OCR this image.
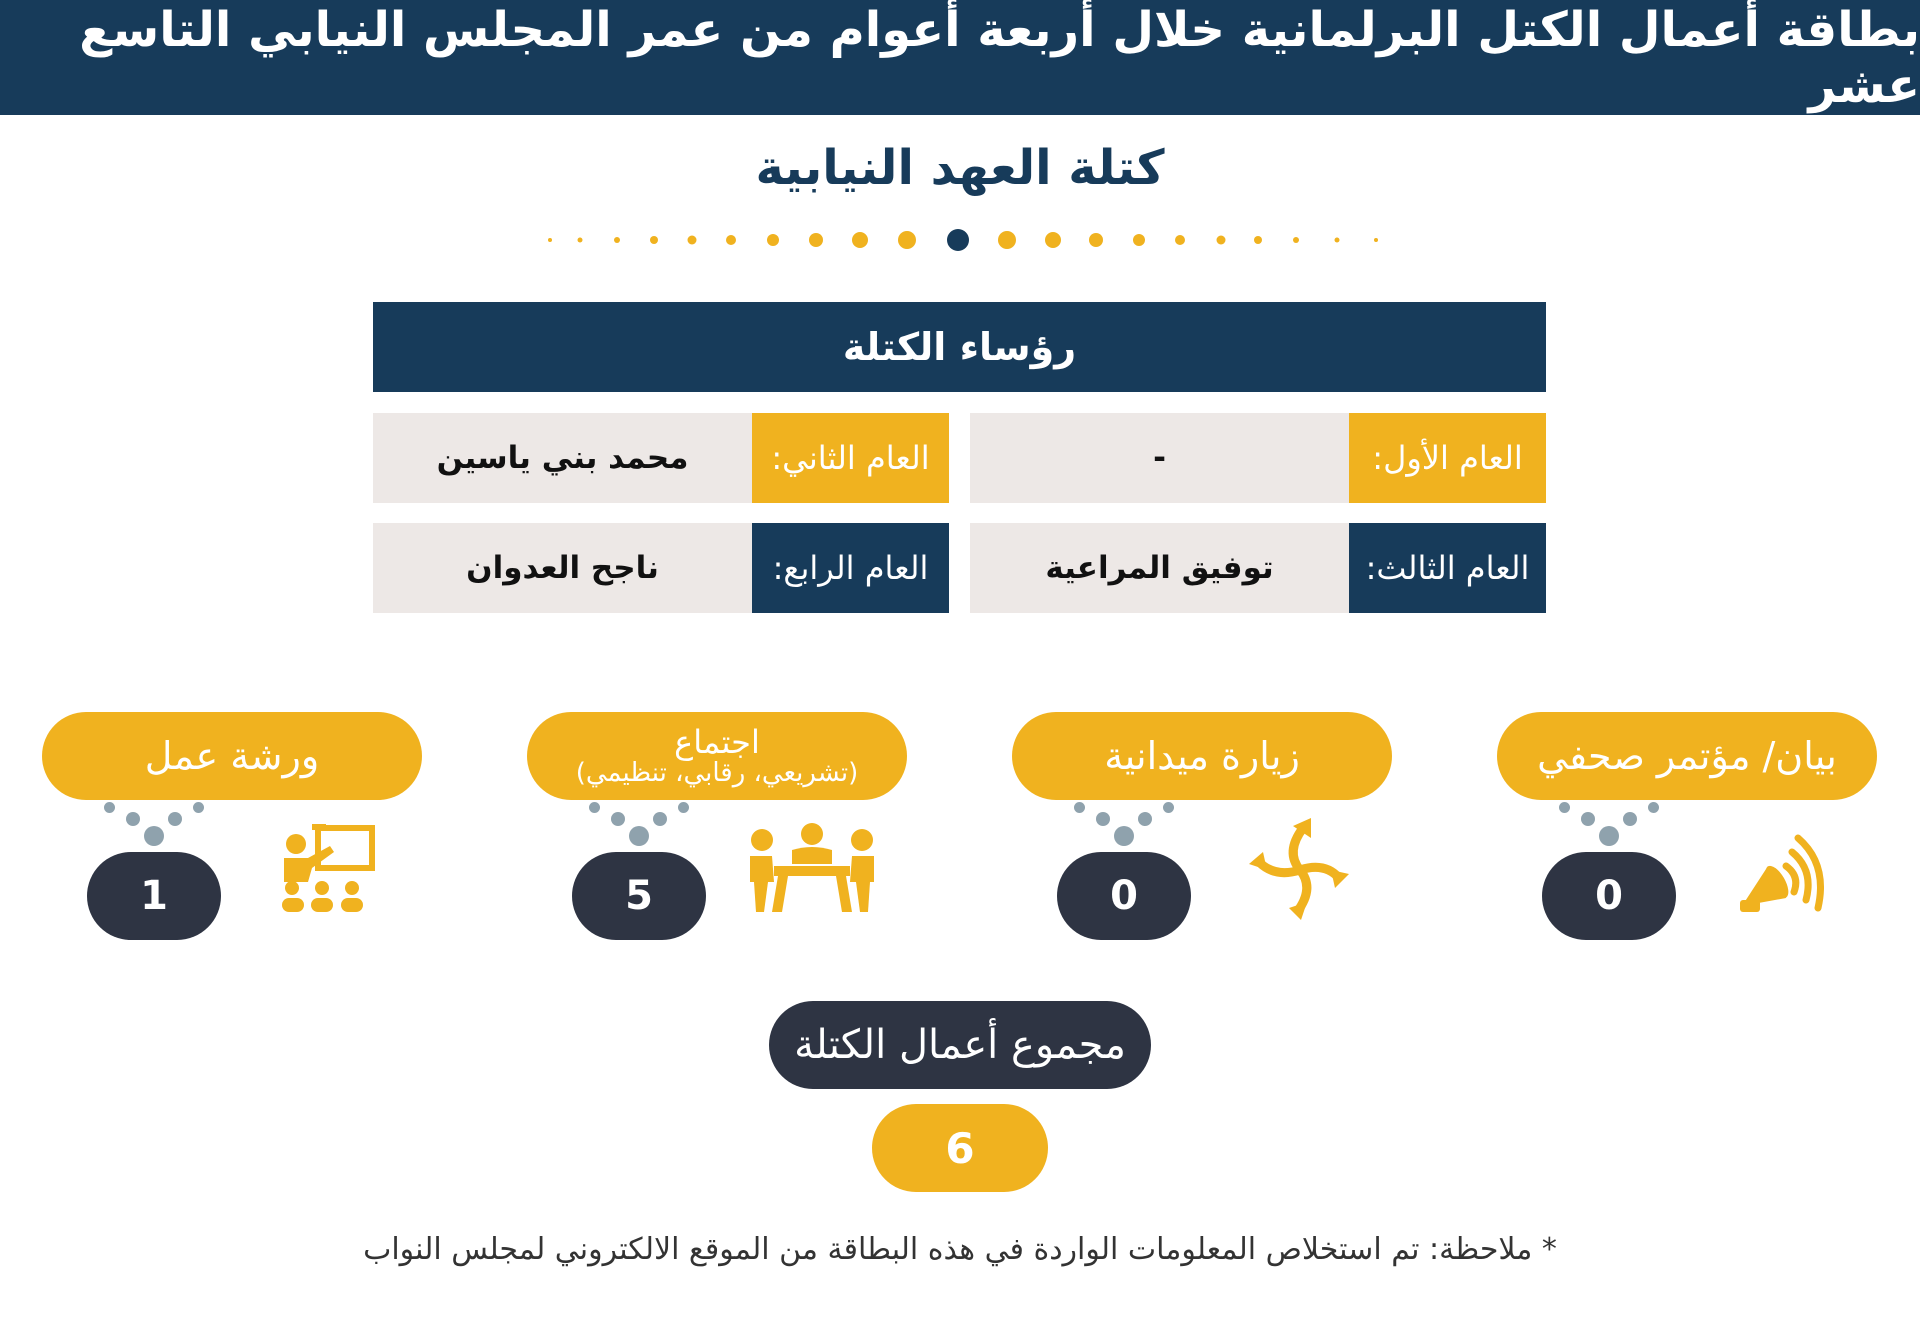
بطاقة أعمال الكتل البرلمانية خلال أربعة أعوام من عمر المجلس النيابي التاسع عشر
كتلة العهد النيابية
رؤساء الكتلة
العام الأول:
-
العام الثاني:
محمد بني ياسين
العام الثالث:
توفيق المراعية
العام الرابع:
ناجح العدوان
بيان/ مؤتمر صحفي
0
زيارة ميدانية
0
اجتماع
(تشريعي، رقابي، تنظيمي)
5
ورشة عمل
1
مجموع أعمال الكتلة
6
* ملاحظة: تم استخلاص المعلومات الواردة في هذه البطاقة من الموقع الالكتروني لمجلس النواب
